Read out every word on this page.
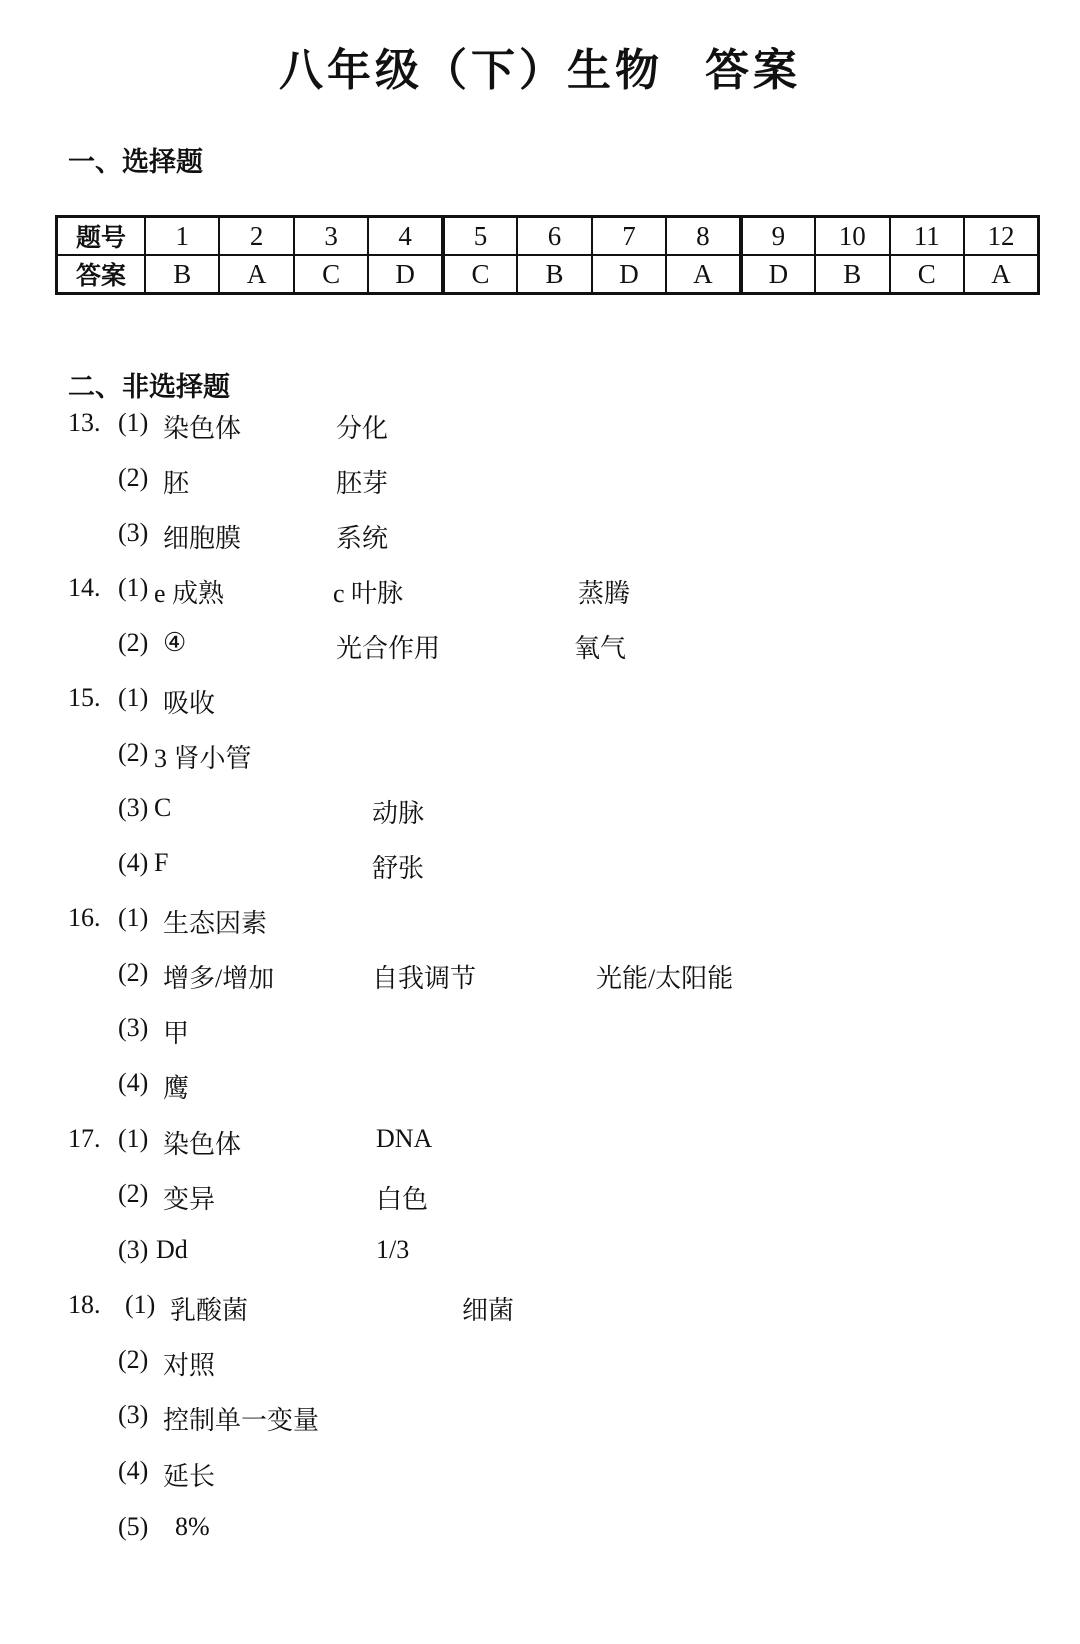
八年级（下）生物 答案
一、选择题
题号	1	2	3	4	5	6	7	8	9	10	11	12
答案	B	A	C	D	C	B	D	A	D	B	C	A
二、非选择题
13. (1) 染色体	分化
(2) 胚	胚芽
(3) 细胞膜	系统
14. (1) e 成熟	c 叶脉	蒸腾
(2) ④	光合作用	氧气
15. (1) 吸收
(2) 3 肾小管
(3) C	动脉
(4) F	舒张
16. (1) 生态因素
(2) 增多/增加	自我调节	光能/太阳能
(3) 甲
(4) 鹰
17. (1) 染色体	DNA
(2) 变异	白色
(3) Dd	1/3
18. (1) 乳酸菌	细菌
(2) 对照
(3) 控制单一变量
(4) 延长
(5) 8%
